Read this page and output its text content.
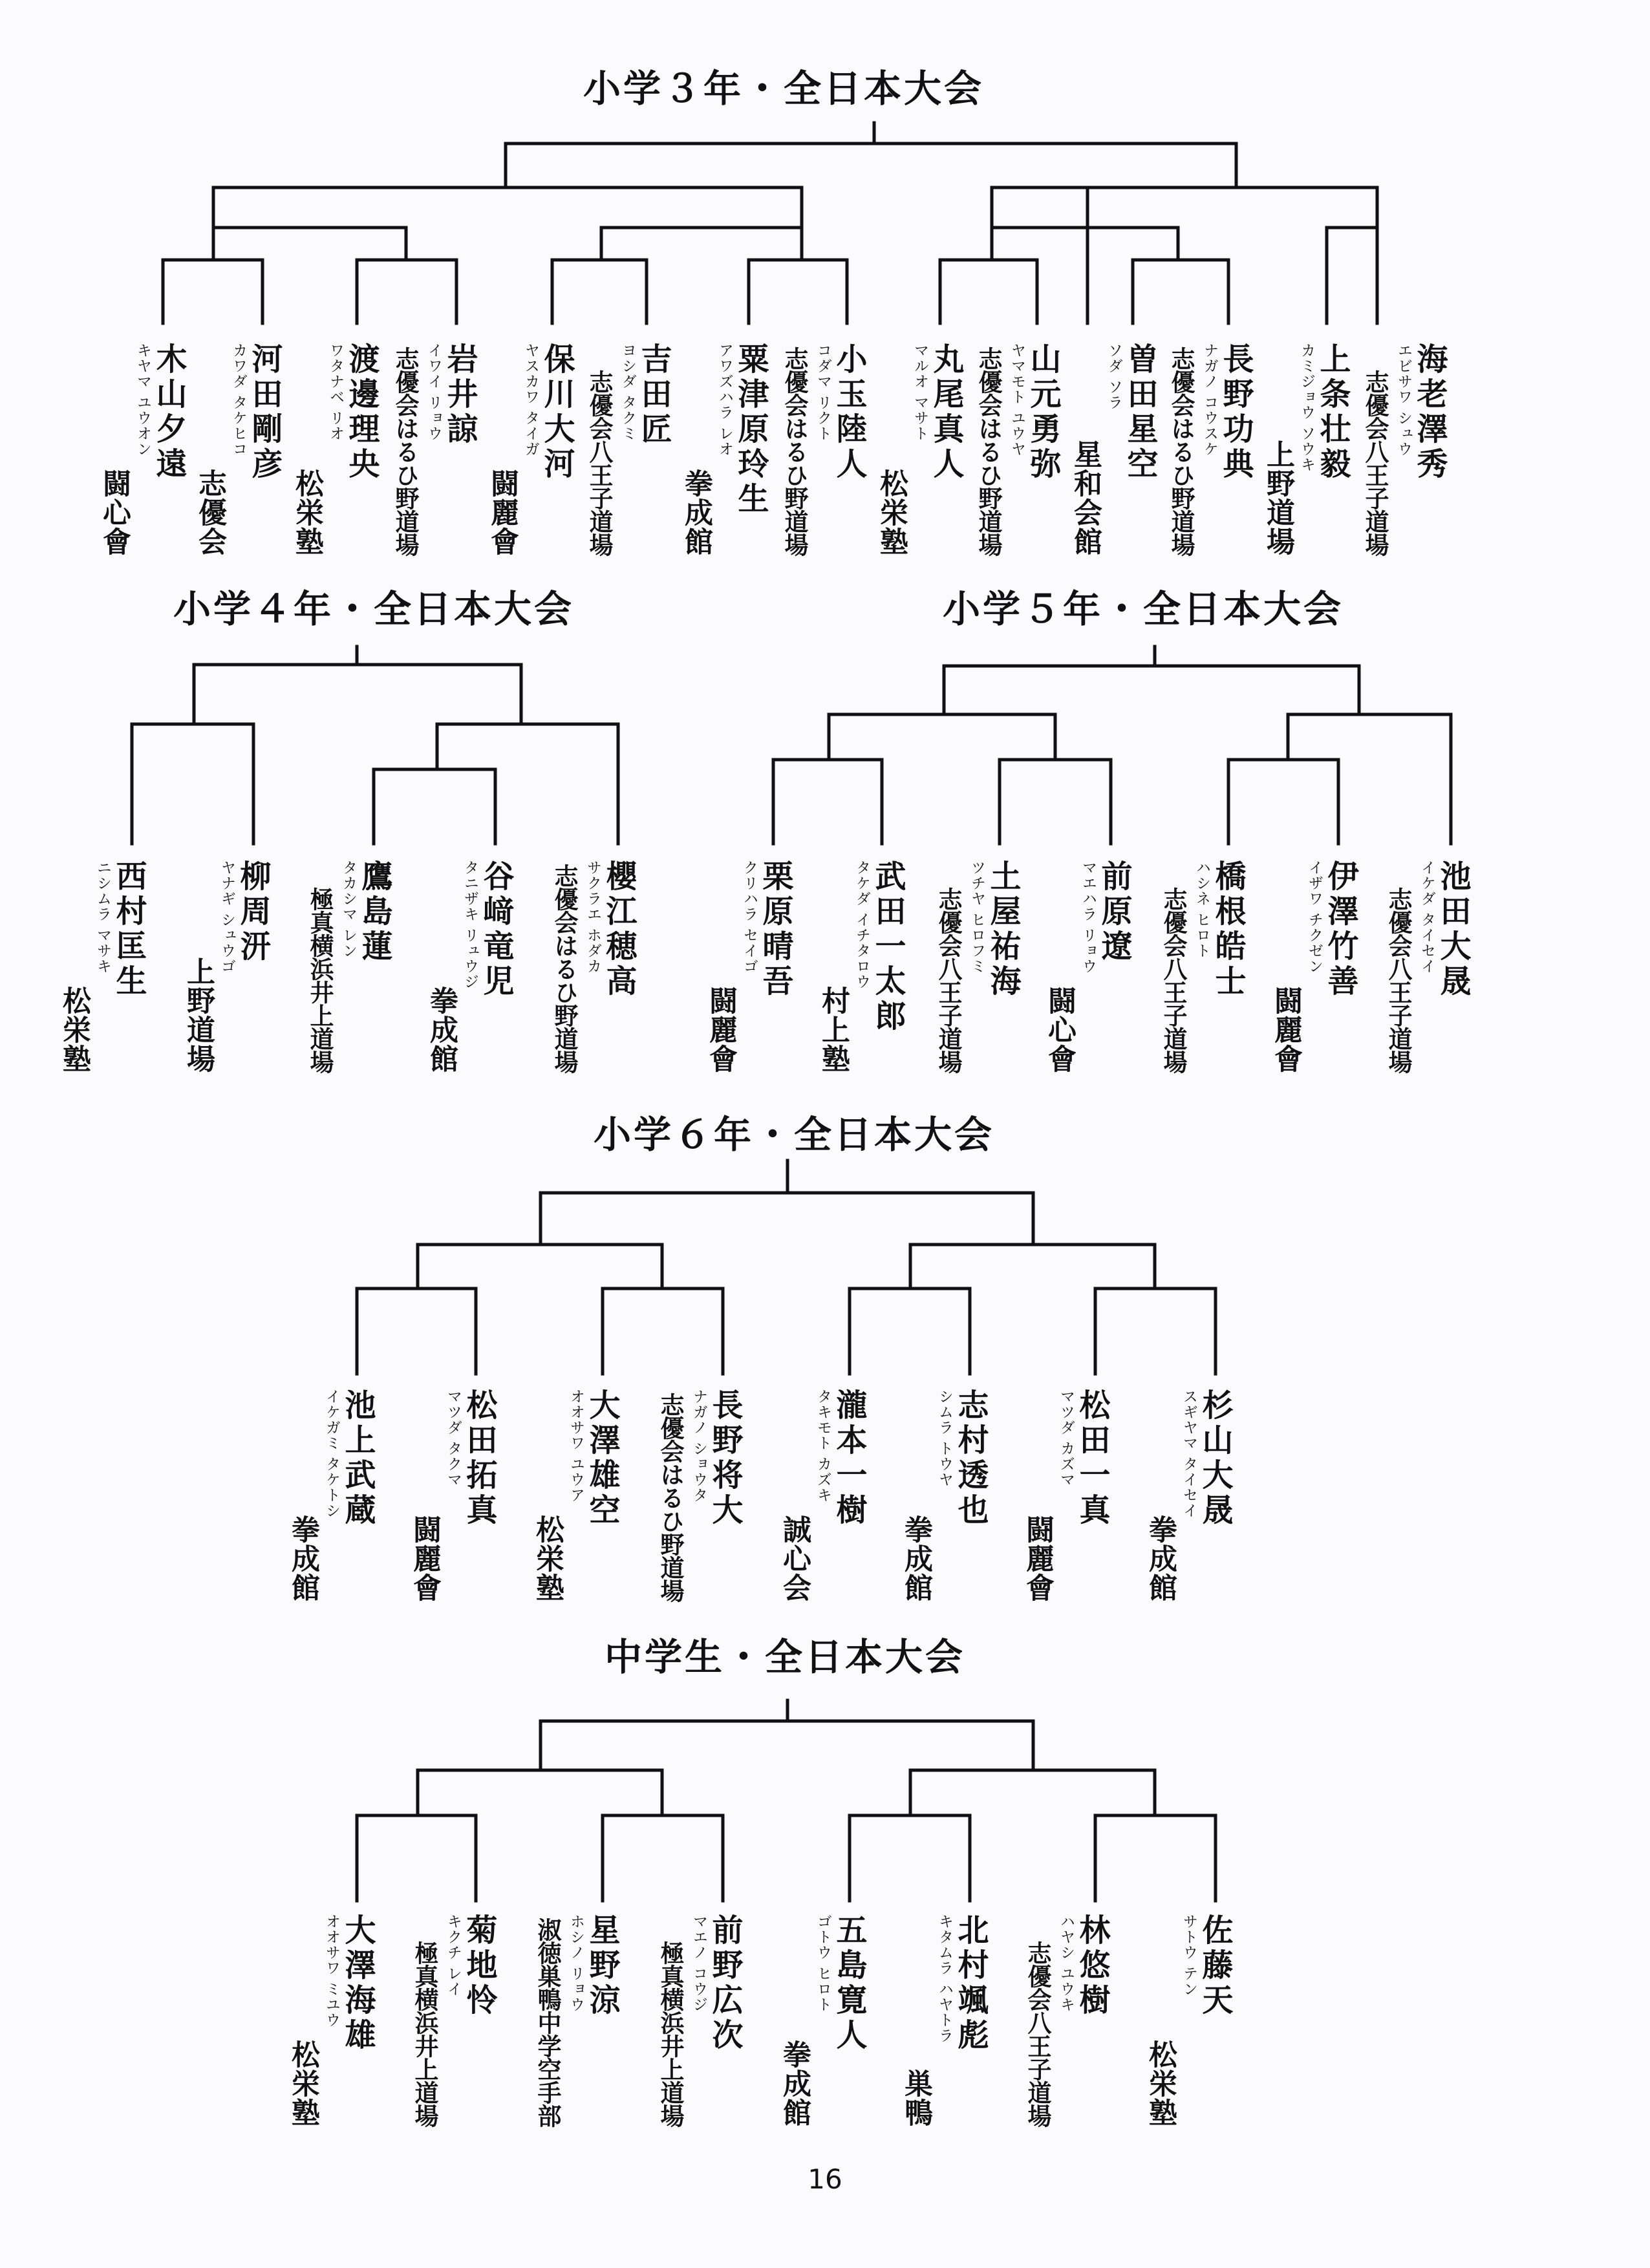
小学３年・全日本大会
小学４年・全日本大会	小学５年・全日本大会
小学６年・全日本大会
中学生・全日本大会
木山夕遠
キヤマ ユウオン
闘心會
河田剛彦
カワダ タケヒコ
志優会
渡邊理央
ワタナベ リオ
松栄塾
岩井諒
イワイ リョウ
志優会はるひ野道場	保川大河
ヤスカワ タイガ
闘麗會
吉田匠
ヨシダ タクミ
志優会八王子道場	粟津原玲生
アワズハラ レオ
拳成館
小玉陸人
コダマ リクト
志優会はるひ野道場	丸尾真人
マルオ マサト
松栄塾
山元勇弥
ヤマモト ユウヤ
志優会はるひ野道場	曽田星空
ソダ ソラ
星和会館
長野功典
ナガノ コウスケ
志優会はるひ野道場	上条壮毅
カミジョウ ソウキ
上野道場
海老澤秀
エビサワ シュウ
志優会八王子道場
西村匡生
ニシムラ マサキ
松栄塾
柳周汧
ヤナギ シュウゴ
上野道場
鷹島蓮
タカシマ レン
極真横浜井上道場	谷﨑竜児
タニザキ リュウジ
拳成館
櫻江穂高
サクラエ ホダカ
志優会はるひ野道場	栗原晴吾
クリハラ セイゴ
闘麗會	武田一太郎
タケダ イチタロウ
村上塾
土屋祐海
ツチヤ ヒロフミ
志優会八王子道場	前原遼
マエハラ リョウ
闘心會
橋根皓士
ハシネ ヒロト
志優会八王子道場	伊澤竹善
イザワ チクゼン
闘麗會
池田大晟
イケダ タイセイ
志優会八王子道場
池上武蔵
イケガミ タケトシ
拳成館
松田拓真
マツダ タクマ
闘麗會
大澤雄空
オオサワ ユウア
松栄塾
長野将大
ナガノ ショウタ
志優会はるひ野道場	瀧本一樹
タキモト カズキ
誠心会
志村透也
シムラ トウヤ
拳成館
松田一真
マツダ カズマ
闘麗會
杉山大晟
スギヤマ タイセイ
拳成館
大澤海雄
オオサワ ミユウ
松栄塾
菊地怜
キクチ レイ
極真横浜井上道場	星野涼
ホシノ リョウ
淑徳巣鴨中学空手部	前野広次
マエノ コウジ
極真横浜井上道場	五島寛人
ゴトウ ヒロト
拳成館
北村颯彪
キタムラ ハヤトラ
巣鴨
林悠樹
ハヤシ ユウキ
志優会八王子道場	佐藤天
サトウ テン
松栄塾
16
